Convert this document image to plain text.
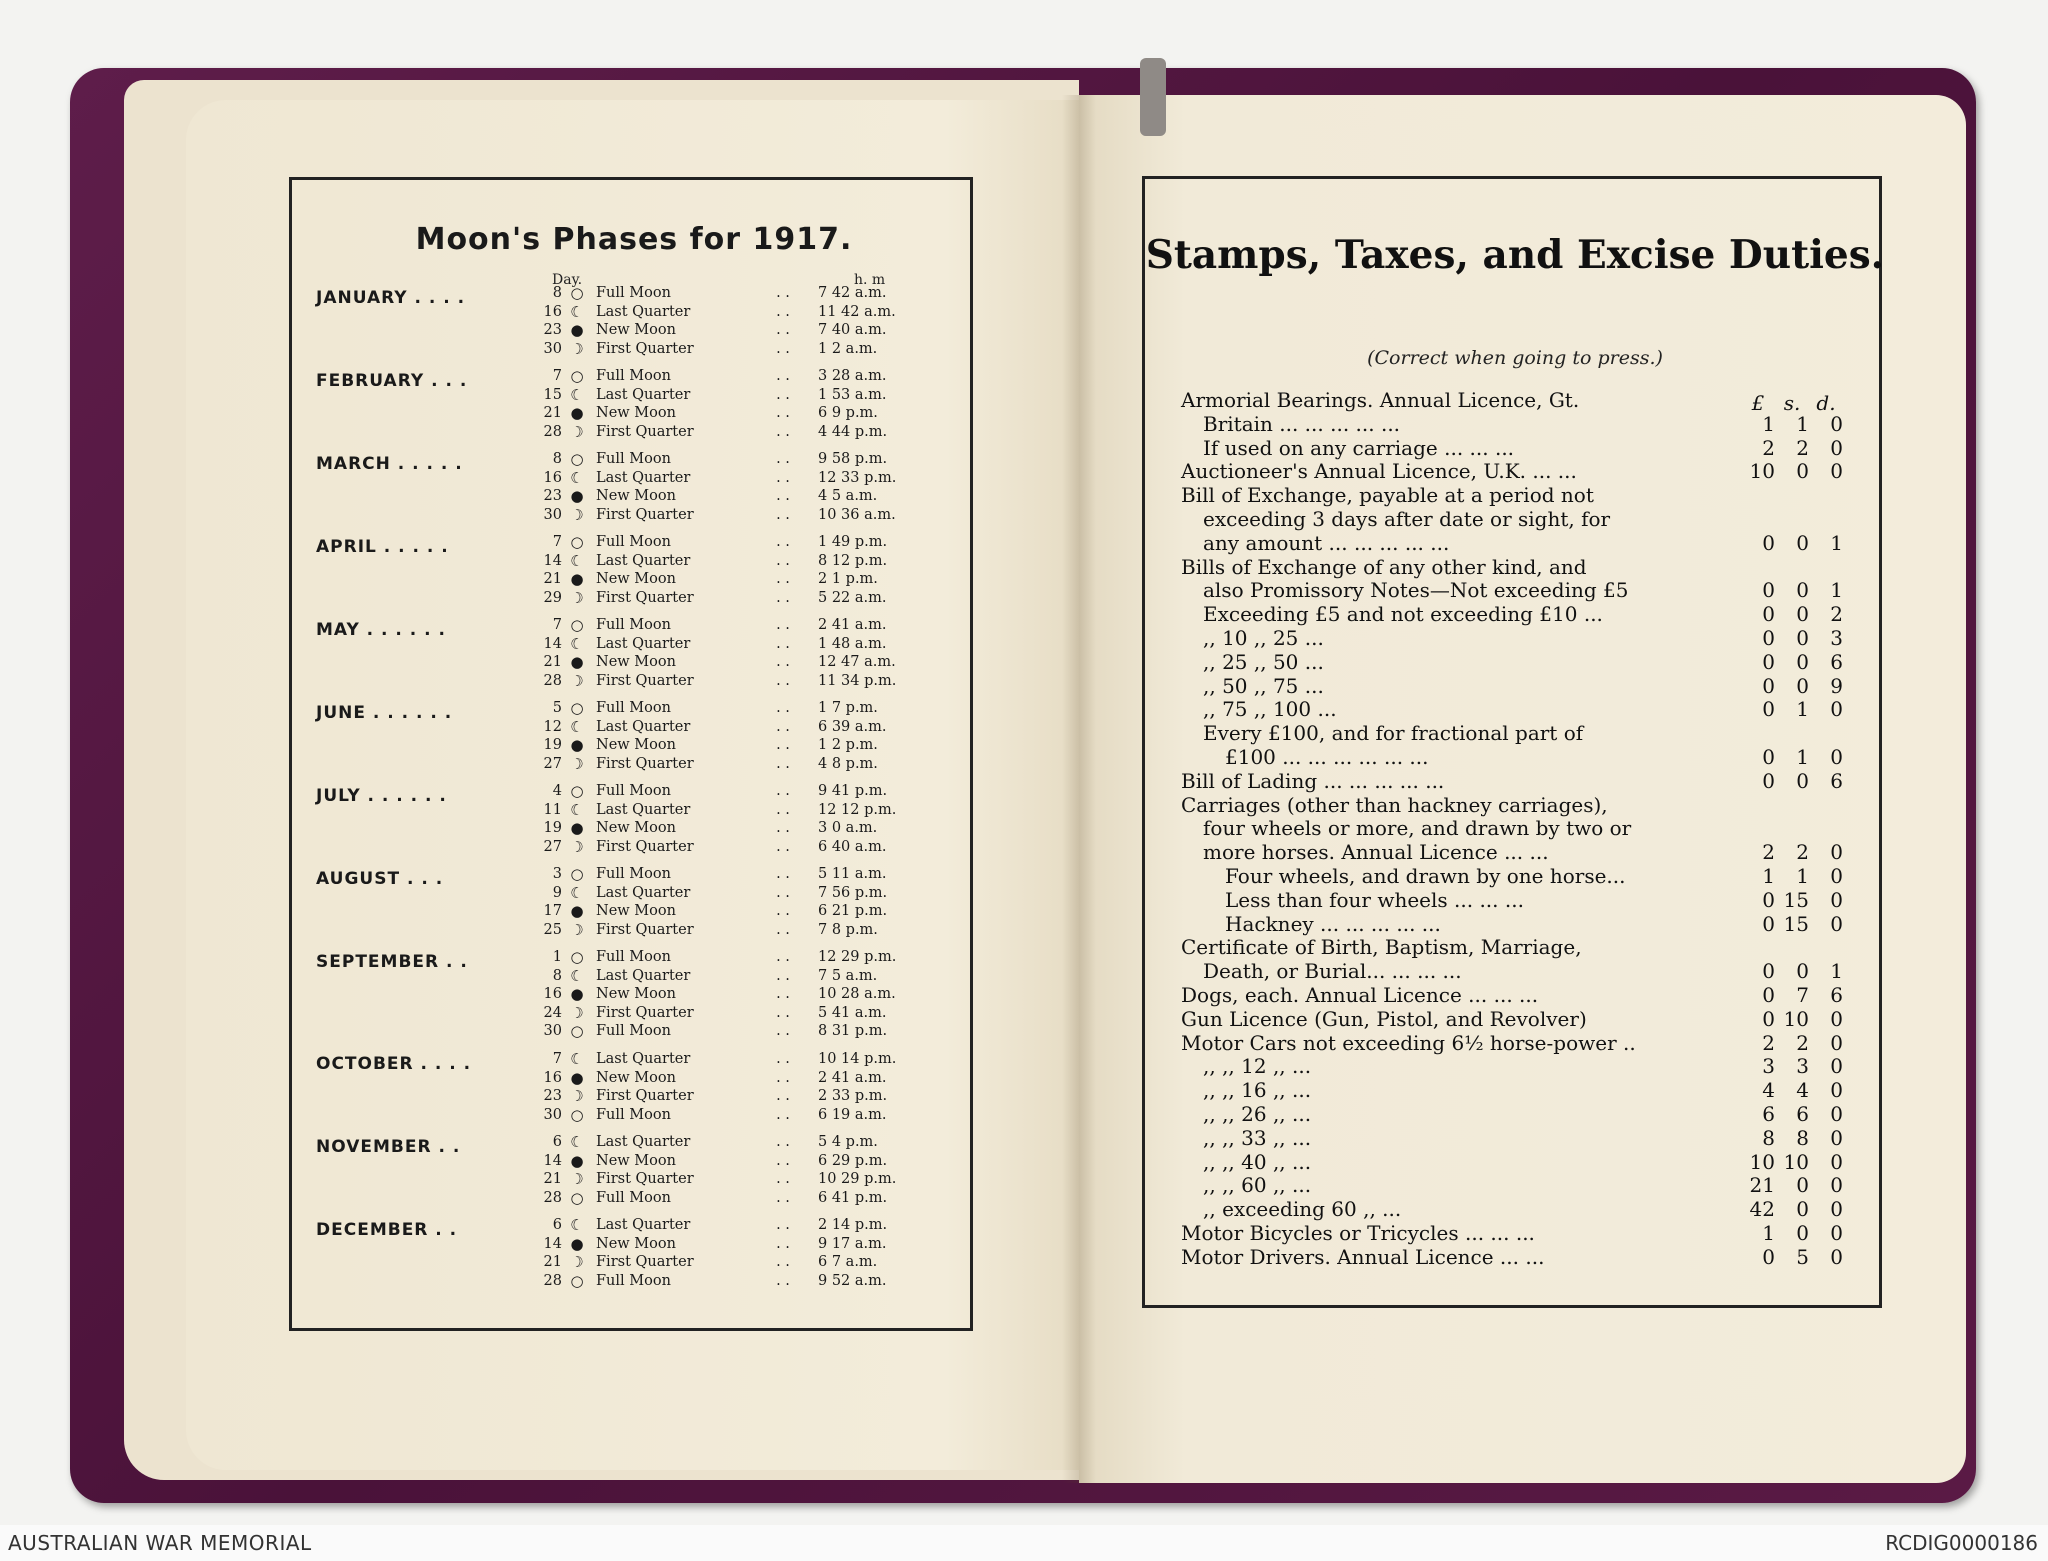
Moon's Phases for 1917.
Day.	h. m
JANUARY . . . .	8 ○ Full Moon	. .	7 42 a.m.
16 ☾ Last Quarter	. .	11 42 a.m.
23 ● New Moon	. .	7 40 a.m.
30 ☽ First Quarter	. .	1 2 a.m.
FEBRUARY . . .	7 ○ Full Moon	. .	3 28 a.m.
15 ☾ Last Quarter	. .	1 53 a.m.
21 ● New Moon	. .	6 9 p.m.
28 ☽ First Quarter	. .	4 44 p.m.
MARCH . . . . .	8 ○ Full Moon	. .	9 58 p.m.
16 ☾ Last Quarter	. .	12 33 p.m.
23 ● New Moon	. .	4 5 a.m.
30 ☽ First Quarter	. .	10 36 a.m.
APRIL . . . . .	7 ○ Full Moon	. .	1 49 p.m.
14 ☾ Last Quarter	. .	8 12 p.m.
21 ● New Moon	. .	2 1 p.m.
29 ☽ First Quarter	. .	5 22 a.m.
MAY . . . . . .	7 ○ Full Moon	. .	2 41 a.m.
14 ☾ Last Quarter	. .	1 48 a.m.
21 ● New Moon	. .	12 47 a.m.
28 ☽ First Quarter	. .	11 34 p.m.
JUNE . . . . . .	5 ○ Full Moon	. .	1 7 p.m.
12 ☾ Last Quarter	. .	6 39 a.m.
19 ● New Moon	. .	1 2 p.m.
27 ☽ First Quarter	. .	4 8 p.m.
JULY . . . . . .	4 ○ Full Moon	. .	9 41 p.m.
11 ☾ Last Quarter	. .	12 12 p.m.
19 ● New Moon	. .	3 0 a.m.
27 ☽ First Quarter	. .	6 40 a.m.
AUGUST . . .	3 ○ Full Moon	. .	5 11 a.m.
9 ☾ Last Quarter	. .	7 56 p.m.
17 ● New Moon	. .	6 21 p.m.
25 ☽ First Quarter	. .	7 8 p.m.
SEPTEMBER . .	1 ○ Full Moon	. .	12 29 p.m.
8 ☾ Last Quarter	. .	7 5 a.m.
16 ● New Moon	. .	10 28 a.m.
24 ☽ First Quarter	. .	5 41 a.m.
30 ○ Full Moon	. .	8 31 p.m.
OCTOBER . . . .	7 ☾ Last Quarter	. .	10 14 p.m.
16 ● New Moon	. .	2 41 a.m.
23 ☽ First Quarter	. .	2 33 p.m.
30 ○ Full Moon	. .	6 19 a.m.
NOVEMBER . .	6 ☾ Last Quarter	. .	5 4 p.m.
14 ● New Moon	. .	6 29 p.m.
21 ☽ First Quarter	. .	10 29 p.m.
28 ○ Full Moon	. .	6 41 p.m.
DECEMBER . .	6 ☾ Last Quarter	. .	2 14 p.m.
14 ● New Moon	. .	9 17 a.m.
21 ☽ First Quarter	. .	6 7 a.m.
28 ○ Full Moon	. .	9 52 a.m.
Stamps, Taxes, and Excise Duties.
(Correct when going to press.)
£ s. d.
Armorial Bearings. Annual Licence, Gt.
Britain ... ... ... ... ...	1 1 0
If used on any carriage ... ... ...	2 2 0
Auctioneer's Annual Licence, U.K. ... ...	10 0 0
Bill of Exchange, payable at a period not
exceeding 3 days after date or sight, for
any amount ... ... ... ... ...	0 0 1
Bills of Exchange of any other kind, and
also Promissory Notes—Not exceeding £5	0 0 1
Exceeding £5 and not exceeding £10 ...	0 0 2
,, 10 ,, 25 ...	0 0 3
,, 25 ,, 50 ...	0 0 6
,, 50 ,, 75 ...	0 0 9
,, 75 ,, 100 ...	0 1 0
Every £100, and for fractional part of
£100 ... ... ... ... ... ...	0 1 0
Bill of Lading ... ... ... ... ...	0 0 6
Carriages (other than hackney carriages),
four wheels or more, and drawn by two or
more horses. Annual Licence ... ...	2 2 0
Four wheels, and drawn by one horse...	1 1 0
Less than four wheels ... ... ...	0 15 0
Hackney ... ... ... ... ...	0 15 0
Certificate of Birth, Baptism, Marriage,
Death, or Burial... ... ... ...	0 0 1
Dogs, each. Annual Licence ... ... ...	0 7 6
Gun Licence (Gun, Pistol, and Revolver)	0 10 0
Motor Cars not exceeding 6½ horse-power ..	2 2 0
,, ,, 12 ,, ...	3 3 0
,, ,, 16 ,, ...	4 4 0
,, ,, 26 ,, ...	6 6 0
,, ,, 33 ,, ...	8 8 0
,, ,, 40 ,, ...	10 10 0
,, ,, 60 ,, ...	21 0 0
,, exceeding 60 ,, ...	42 0 0
Motor Bicycles or Tricycles ... ... ...	1 0 0
Motor Drivers. Annual Licence ... ...	0 5 0
AUSTRALIAN WAR MEMORIAL	RCDIG0000186
